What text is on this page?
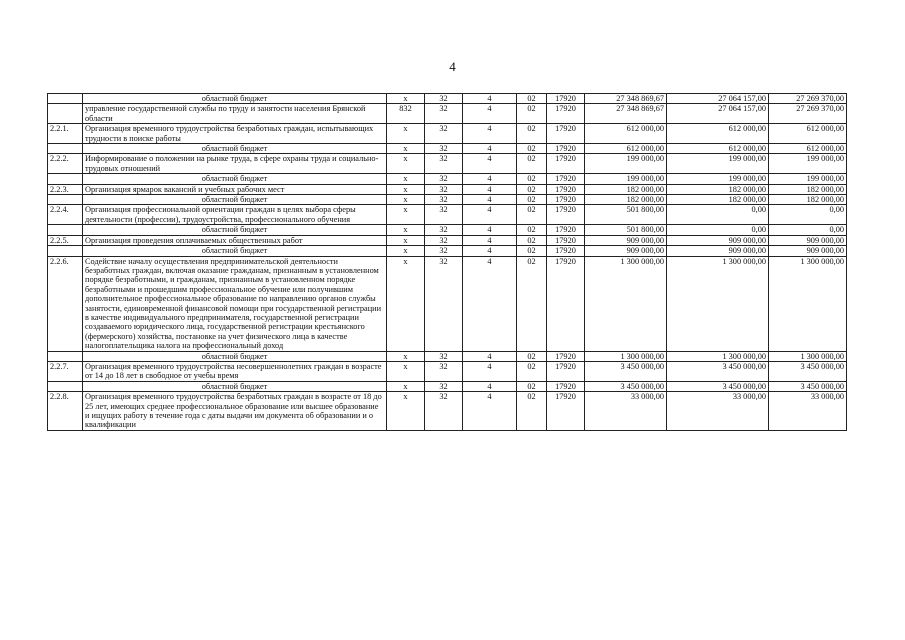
4
	областной бюджет	x	32	4	02	17920	27 348 869,67	27 064 157,00	27 269 370,00
	управление государственной службы по труду и занятости населения Брянской области	832	32	4	02	17920	27 348 869,67	27 064 157,00	27 269 370,00
2.2.1.	Организация временного трудоустройства безработных граждан, испытывающих трудности в поиске работы	x	32	4	02	17920	612 000,00	612 000,00	612 000,00
	областной бюджет	x	32	4	02	17920	612 000,00	612 000,00	612 000,00
2.2.2.	Информирование о положении на рынке труда, в сфере охраны труда и социально-трудовых отношений	x	32	4	02	17920	199 000,00	199 000,00	199 000,00
	областной бюджет	x	32	4	02	17920	199 000,00	199 000,00	199 000,00
2.2.3.	Организация ярмарок вакансий и учебных рабочих мест	x	32	4	02	17920	182 000,00	182 000,00	182 000,00
	областной бюджет	x	32	4	02	17920	182 000,00	182 000,00	182 000,00
2.2.4.	Организация профессиональной ориентации граждан в целях выбора сферы деятельности (профессии), трудоустройства, профессионального обучения	x	32	4	02	17920	501 800,00	0,00	0,00
	областной бюджет	x	32	4	02	17920	501 800,00	0,00	0,00
2.2.5.	Организация проведения оплачиваемых общественных работ	x	32	4	02	17920	909 000,00	909 000,00	909 000,00
	областной бюджет	x	32	4	02	17920	909 000,00	909 000,00	909 000,00
2.2.6.	Содействие началу осуществления предпринимательской деятельности безработных граждан, включая оказание гражданам, признанным в установленном порядке безработными, и гражданам, признанным в установленном порядке безработными и прошедшим профессиональное обучение или получившим дополнительное профессиональное образование по направлению органов службы занятости, единовременной финансовой помощи при государственной регистрации в качестве индивидуального предпринимателя, государственной регистрации создаваемого юридического лица, государственной регистрации крестьянского (фермерского) хозяйства, постановке на учет физического лица в качестве налогоплательщика налога на профессиональный доход	x	32	4	02	17920	1 300 000,00	1 300 000,00	1 300 000,00
	областной бюджет	x	32	4	02	17920	1 300 000,00	1 300 000,00	1 300 000,00
2.2.7.	Организация временного трудоустройства несовершеннолетних граждан в возрасте от 14 до 18 лет в свободное от учебы время	x	32	4	02	17920	3 450 000,00	3 450 000,00	3 450 000,00
	областной бюджет	x	32	4	02	17920	3 450 000,00	3 450 000,00	3 450 000,00
2.2.8.	Организация временного трудоустройства безработных граждан в возрасте от 18 до 25 лет, имеющих среднее профессиональное образование или высшее образование и ищущих работу в течение года с даты выдачи им документа об образовании и о квалификации	x	32	4	02	17920	33 000,00	33 000,00	33 000,00
